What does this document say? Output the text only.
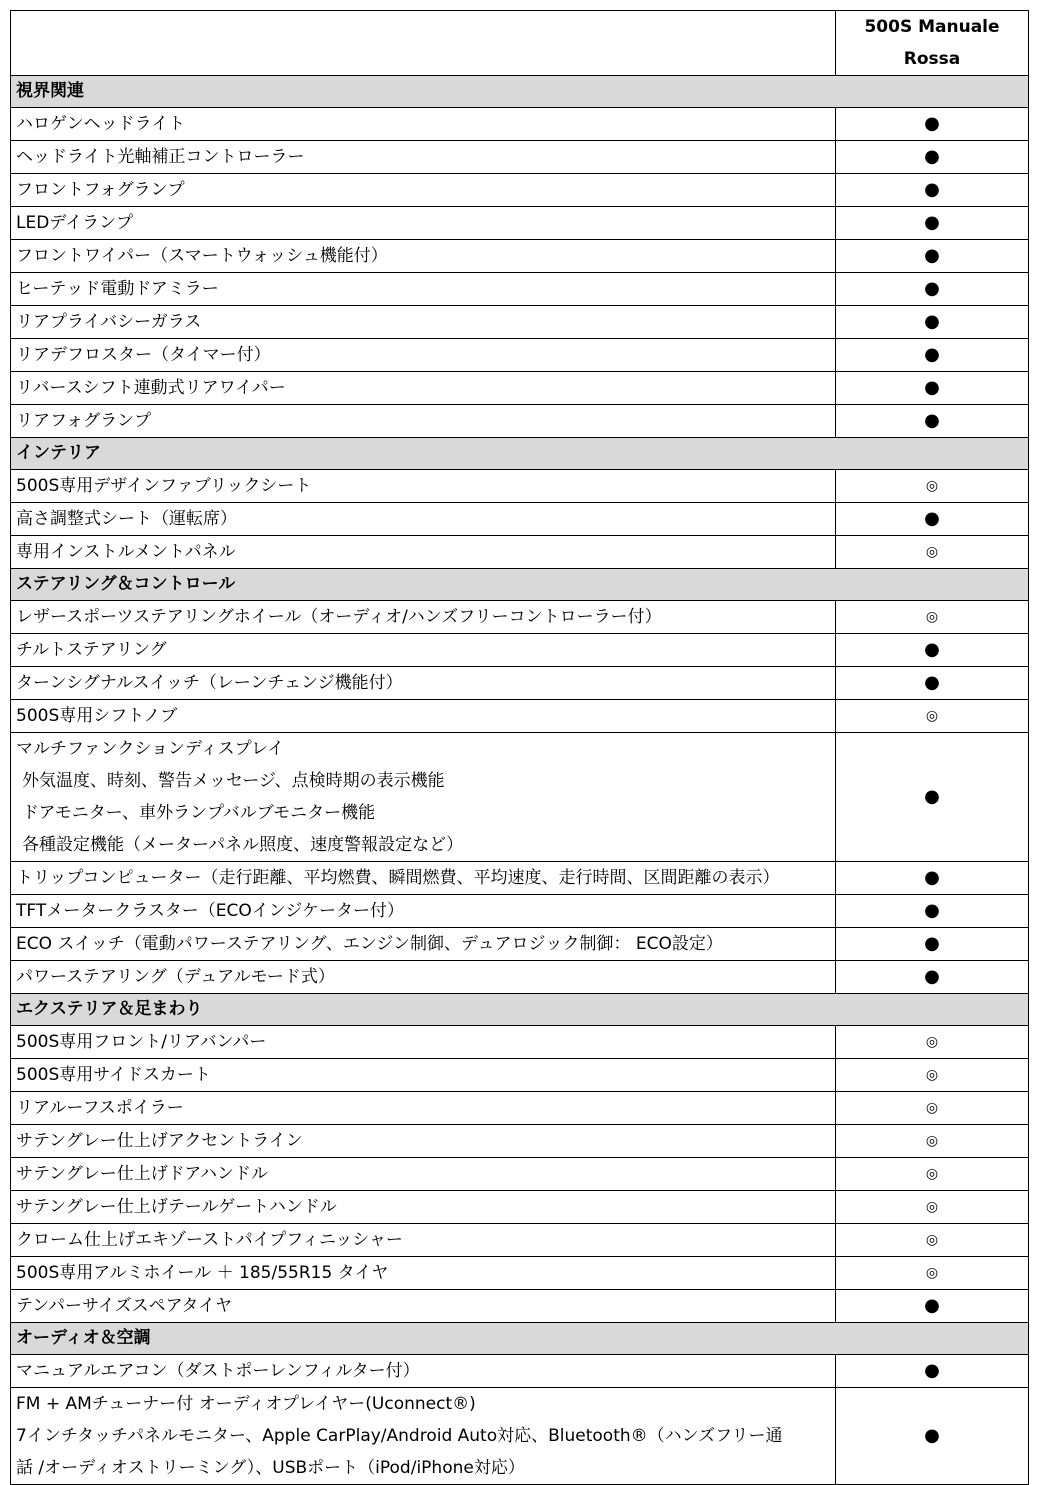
	500S Manuale
Rossa

視界関連	
ハロゲンヘッドライト	●
ヘッドライト光軸補正コントローラー	●
フロントフォグランプ	●
LEDデイランプ	●
フロントワイパー（スマートウォッシュ機能付）	●
ヒーテッド電動ドアミラー	●
リアプライバシーガラス	●
リアデフロスター（タイマー付）	●
リバースシフト連動式リアワイパー	●
リアフォグランプ	●
インテリア	
500S専用デザインファブリックシート	◎
高さ調整式シート（運転席）	●
専用インストルメントパネル	◎
ステアリング＆コントロール	
レザースポーツステアリングホイール（オーディオ/ハンズフリーコントローラー付）	◎
チルトステアリング	●
ターンシグナルスイッチ（レーンチェンジ機能付）	●
500S専用シフトノブ	◎

マルチファンクションディスプレイ
外気温度、時刻、警告メッセージ、点検時期の表示機能
ドアモニター、車外ランプバルブモニター機能
各種設定機能（メーターパネル照度、速度警報設定など）	●
トリップコンピューター（走行距離、平均燃費、瞬間燃費、平均速度、走行時間、区間距離の表示）	●
TFTメータークラスター（ECOインジケーター付）	●
ECO スイッチ（電動パワーステアリング、エンジン制御、デュアロジック制御： ECO設定）	●
パワーステアリング（デュアルモード式）	●
エクステリア＆足まわり	
500S専用フロント/リアバンパー	◎
500S専用サイドスカート	◎
リアルーフスポイラー	◎
サテングレー仕上げアクセントライン	◎
サテングレー仕上げドアハンドル	◎
サテングレー仕上げテールゲートハンドル	◎
クローム仕上げエキゾーストパイプフィニッシャー	◎
500S専用アルミホイール ＋ 185/55R15 タイヤ	◎
テンパーサイズスペアタイヤ	●
オーディオ＆空調	
マニュアルエアコン（ダストポーレンフィルター付）	●

FM + AMチューナー付 オーディオプレイヤー(Uconnect®)
7インチタッチパネルモニター、Apple CarPlay/Android Auto対応、Bluetooth®（ハンズフリー通
話 /オーディオストリーミング）、USBポート（iPod/iPhone対応）	●
